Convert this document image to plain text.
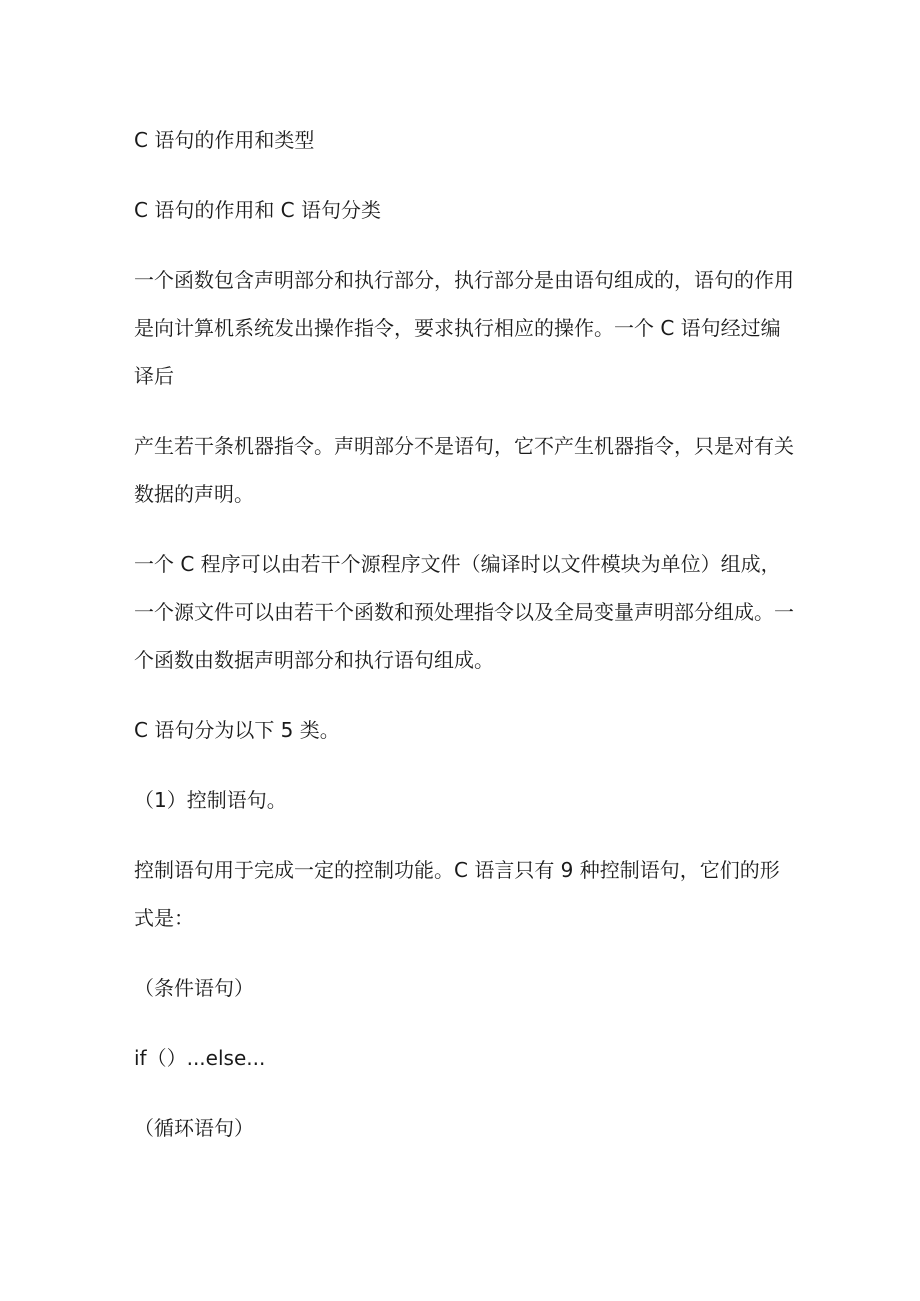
C 语句的作用和类型

C 语句的作用和 C 语句分类

一个函数包含声明部分和执行部分，执行部分是由语句组成的，语句的作用
是向计算机系统发出操作指令，要求执行相应的操作。一个 C 语句经过编
译后

产生若干条机器指令。声明部分不是语句，它不产生机器指令，只是对有关
数据的声明。

一个 C 程序可以由若干个源程序文件（编译时以文件模块为单位）组成，
一个源文件可以由若干个函数和预处理指令以及全局变量声明部分组成。一
个函数由数据声明部分和执行语句组成。

C 语句分为以下 5 类。

（1）控制语句。

控制语句用于完成一定的控制功能。C 语言只有 9 种控制语句，它们的形
式是：

（条件语句）

if（）...else...

（循环语句）
